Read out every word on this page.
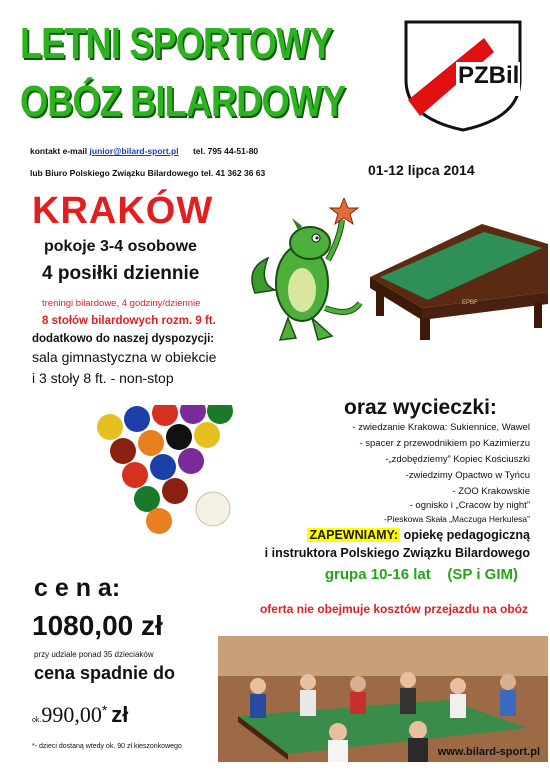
LETNI SPORTOWY
OBÓZ BILARDOWY
PZBil
kontakt e-mail junior@bilard-sport.pl tel. 795 44-51-80
lub Biuro Polskiego Związku Bilardowego tel. 41 362 36 63	01-12 lipca 2014
KRAKÓW
pokoje 3-4 osobowe
4 posiłki dziennie
treningi bilardowe, 4 godziny/dziennie
8 stołów bilardowych rozm. 9 ft.
dodatkowo do naszej dyspozycji:
sala gimnastyczna w obiekcie
i 3 stoły 8 ft. - non-stop
EPBF
oraz wycieczki:
- zwiedzanie Krakowa: Sukiennice, Wawel
- spacer z przewodnikiem po Kazimierzu
-„zdobędziemy” Kopiec Kościuszki
-zwiedzimy Opactwo w Tyńcu
- ZOO Krakowskie
- ognisko i „Cracow by night”
-Pieskowa Skała „Maczuga Herkulesa”
ZAPEWNIAMY: opiekę pedagogiczną
i instruktora Polskiego Związku Bilardowego
grupa 10-16 lat    (SP i GIM)
oferta nie obejmuje kosztów przejazdu na obóz
c e n a:
1080,00 zł
przy udziale ponad 35 dzieciaków
cena spadnie do
ok.990,00* zł
*- dzieci dostaną wtedy ok. 90 zł kieszonkowego	www.bilard-sport.pl
